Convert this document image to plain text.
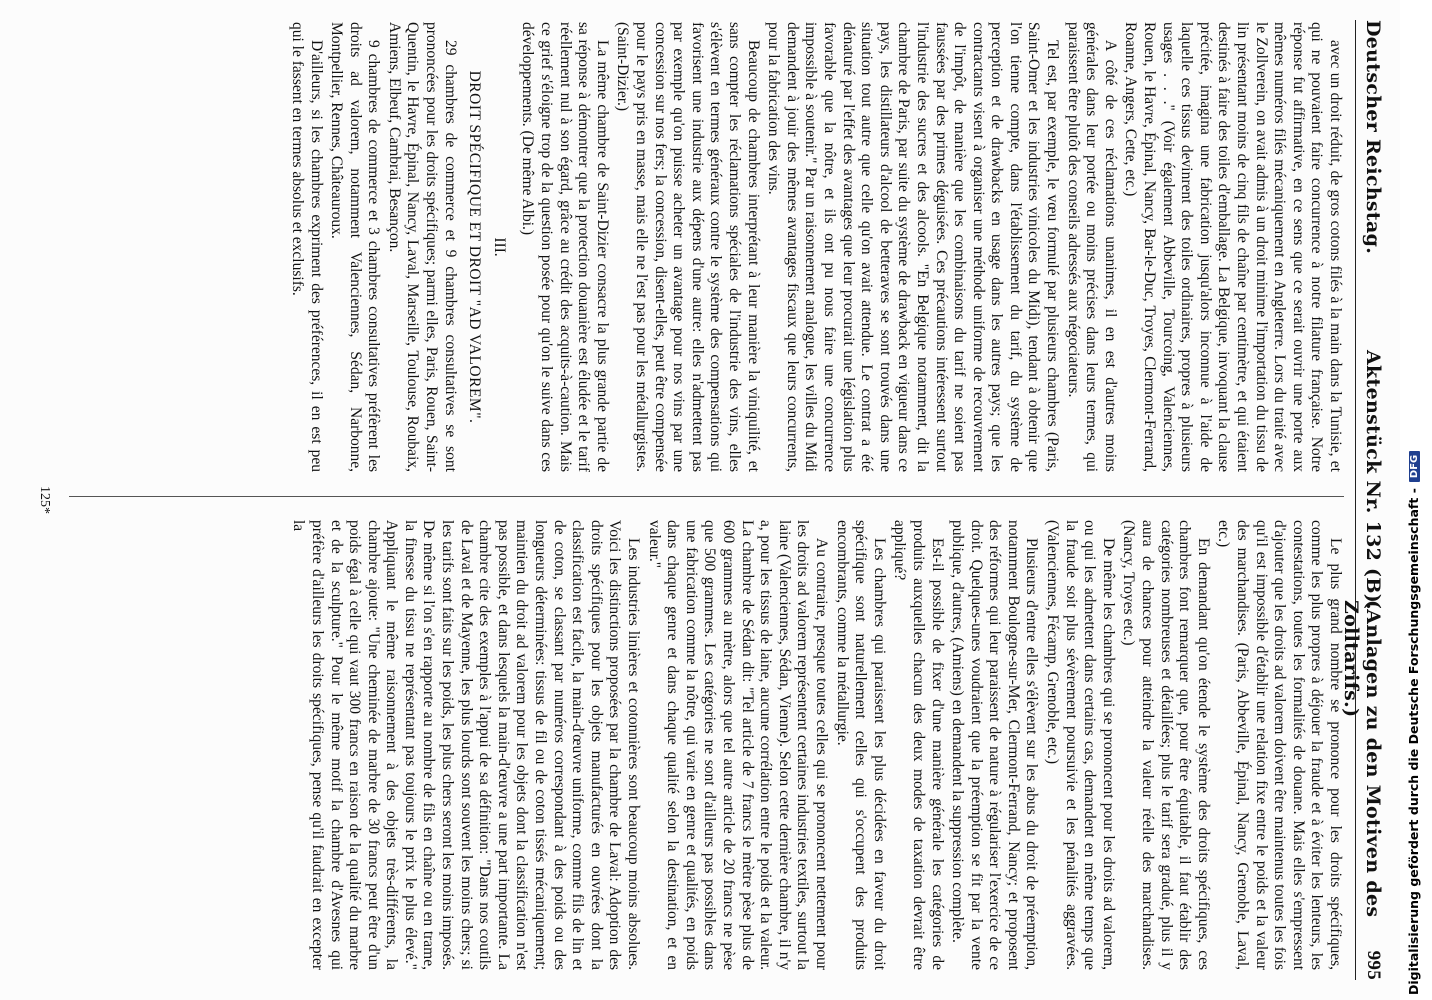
Deutscher Reichstag.
Aktenstück Nr. 132 (B).
(Anlagen zu den Motiven des Zolltarifs.)
995

avec un droit réduit, de gros cotons filés à la main dans la Tunisie, et qui ne pouvaient faire concurrence à notre filature française. Notre réponse fut affirmative, en ce sens que ce serait ouvrir une porte aux mêmes numéros filés mécaniquement en Angleterre. Lors du traité avec le Zollverein, on avait admis à un droit minime l'importation du tissu de lin présentant moins de cinq fils de chaîne par centimètre, et qui étaient destinés à faire des toiles d'emballage. La Belgique, invoquant la clause précitée, imagina une fabrication jusqu'alors inconnue à l'aide de laquelle ces tissus devinrent des toiles ordinaires, propres à plusieurs usages . . ." (Voir également Abbeville, Tourcoing, Valenciennes, Rouen, le Havre, Épinal, Nancy, Bar-le-Duc, Troyes, Clermont-Ferrand, Roanne, Angers, Cette, etc.)

A côté de ces réclamations unanimes, il en est d'autres moins générales dans leur portée ou moins précises dans leurs termes, qui paraissent être plutôt des conseils adressés aux négociateurs.

Tel est, par exemple, le vœu formulé par plusieurs chambres (Paris, Saint-Omer et les industries vinicoles du Midi), tendant à obtenir que l'on tienne compte, dans l'établissement du tarif, du système de perception et de drawbacks en usage dans les autres pays; que les contractants visent à organiser une méthode uniforme de recouvrement de l'impôt, de manière que les combinaisons du tarif ne soient pas faussées par des primes déguisées. Ces précautions intéressent surtout l'industrie des sucres et des alcools. "En Belgique notamment, dit la chambre de Paris, par suite du système de drawback en vigueur dans ce pays, les distillateurs d'alcool de betteraves se sont trouvés dans une situation tout autre que celle qu'on avait attendue. Le contrat a été dénaturé par l'effet des avantages que leur procurait une législation plus favorable que la nôtre, et ils ont pu nous faire une concurrence impossible à soutenir." Par un raisonnement analogue, les villes du Midi demandent à jouir des mêmes avantages fiscaux que leurs concurrents, pour la fabrication des vins.

Beaucoup de chambres interprétant à leur manière la viniquilité, et sans compter les réclamations spéciales de l'industrie des vins, elles s'élèvent en termes généraux contre le système des compensations qui favorisent une industrie aux dépens d'une autre: elles n'admettent pas par exemple qu'on puisse acheter un avantage pour nos vins par une concession sur nos fers; la concession, disent-elles, peut être compensée pour le pays pris en masse, mais elle ne l'est pas pour les métallurgistes. (Saint-Dizier.)

La même chambre de Saint-Dizier consacre la plus grande partie de sa réponse à démontrer que la protection douanière est éludée et le tarif réellement nul à son égard, grâce au crédit des acquits-à-caution. Mais ce grief s'éloigne trop de la question posée pour qu'on le suive dans ces développements. (De même Albi.)

III.
DROIT SPÉCIFIQUE ET DROIT "AD VALOREM".

29 chambres de commerce et 9 chambres consultatives se sont prononcées pour les droits spécifiques; parmi elles, Paris, Rouen, Saint-Quentin, le Havre, Épinal, Nancy, Laval, Marseille, Toulouse, Roubaix, Amiens, Elbeuf, Cambrai, Besançon.

9 chambres de commerce et 3 chambres consultatives préfèrent les droits ad valorem, notamment Valenciennes, Sédan, Narbonne, Montpellier, Rennes, Châteauroux.

D'ailleurs, si les chambres expriment des préférences, il en est peu qui le fassent en termes absolus et exclusifs.

Le plus grand nombre se prononce pour les droits spécifiques, comme les plus propres à déjouer la fraude et à éviter les lenteurs, les contestations, toutes les formalités de douane. Mais elles s'empressent d'ajouter que les droits ad valorem doivent être maintenus toutes les fois qu'il est impossible d'établir une relation fixe entre le poids et la valeur des marchandises. (Paris, Abbeville, Épinal, Nancy, Grenoble, Laval, etc.)

En demandant qu'on étende le système des droits spécifiques, ces chambres font remarquer que, pour être équitable, il faut établir des catégories nombreuses et détaillées; plus le tarif sera gradué, plus il y aura de chances pour atteindre la valeur réelle des marchandises. (Nancy, Troyes etc.)

De même les chambres qui se prononcent pour les droits ad valorem, ou qui les admettent dans certains cas, demandent en même temps que la fraude soit plus sévèrement poursuivie et les pénalités aggravées. (Valenciennes, Fécamp, Grenoble, etc.)

Plusieurs d'entre elles s'élèvent sur les abus du droit de préemption, notamment Boulogne-sur-Mer, Clermont-Ferrand, Nancy; et proposent des réformes qui leur paraissent de nature à régulariser l'exercice de ce droit. Quelques-unes voudraient que la préemption se fit par la vente publique, d'autres, (Amiens) en demandent la suppression complète.

Est-il possible de fixer d'une manière générale les catégories de produits auxquelles chacun des deux modes de taxation devrait être appliqué?

Les chambres qui paraissent les plus décidées en faveur du droit spécifique sont naturellement celles qui s'occupent des produits encombrants, comme la métallurgie.

Au contraire, presque toutes celles qui se prononcent nettement pour les droits ad valorem représentent certaines industries textiles, surtout la laine (Valenciennes, Sédan, Vienne). Selon cette dernière chambre, il n'y a, pour les tissus de laine, aucune corrélation entre le poids et la valeur. La chambre de Sédan dit: "Tel article de 7 francs le mètre pèse plus de 600 grammes au mètre, alors que tel autre article de 20 francs ne pèse que 500 grammes. Les catégories ne sont d'ailleurs pas possibles dans une fabrication comme la nôtre, qui varie en genre et qualités, en poids dans chaque genre et dans chaque qualité selon la destination, et en valeur."

Les industries linières et cotonnières sont beaucoup moins absolues. Voici les distinctions proposées par la chambre de Laval: Adoption des droits spécifiques pour les objets manufacturés en ouvrées dont la classification est facile, la main-d'œuvre uniforme, comme fils de lin et de coton, se classant par numéros correspondant à des poids ou des longueurs déterminées: tissus de fil ou de coton tissés mécaniquement; maintien du droit ad valorem pour les objets dont la classification n'est pas possible, et dans lesquels la main-d'œuvre a une part importante. La chambre cite des exemples à l'appui de sa définition: "Dans nos coutils de Laval et de Mayenne, les plus lourds sont souvent les moins chers; si les tarifs sont faits sur les poids, les plus chers seront les moins imposés. De même si l'on s'en rapporte au nombre de fils en chaîne ou en trame, la finesse du tissu ne représentant pas toujours le prix le plus élevé." Appliquant le même raisonnement à des objets très-différents, la chambre ajoute: "Une cheminée de marbre de 30 francs peut être d'un poids égal à celle qui vaut 300 francs en raison de la qualité du marbre et de la sculpture." Pour le même motif la chambre d'Avesnes qui préfère d'ailleurs les droits spécifiques, pense qu'il faudrait en excepter la

125*	Digitalisierung gefördert durch die Deutsche Forschungsgemeinschaft -DFG
